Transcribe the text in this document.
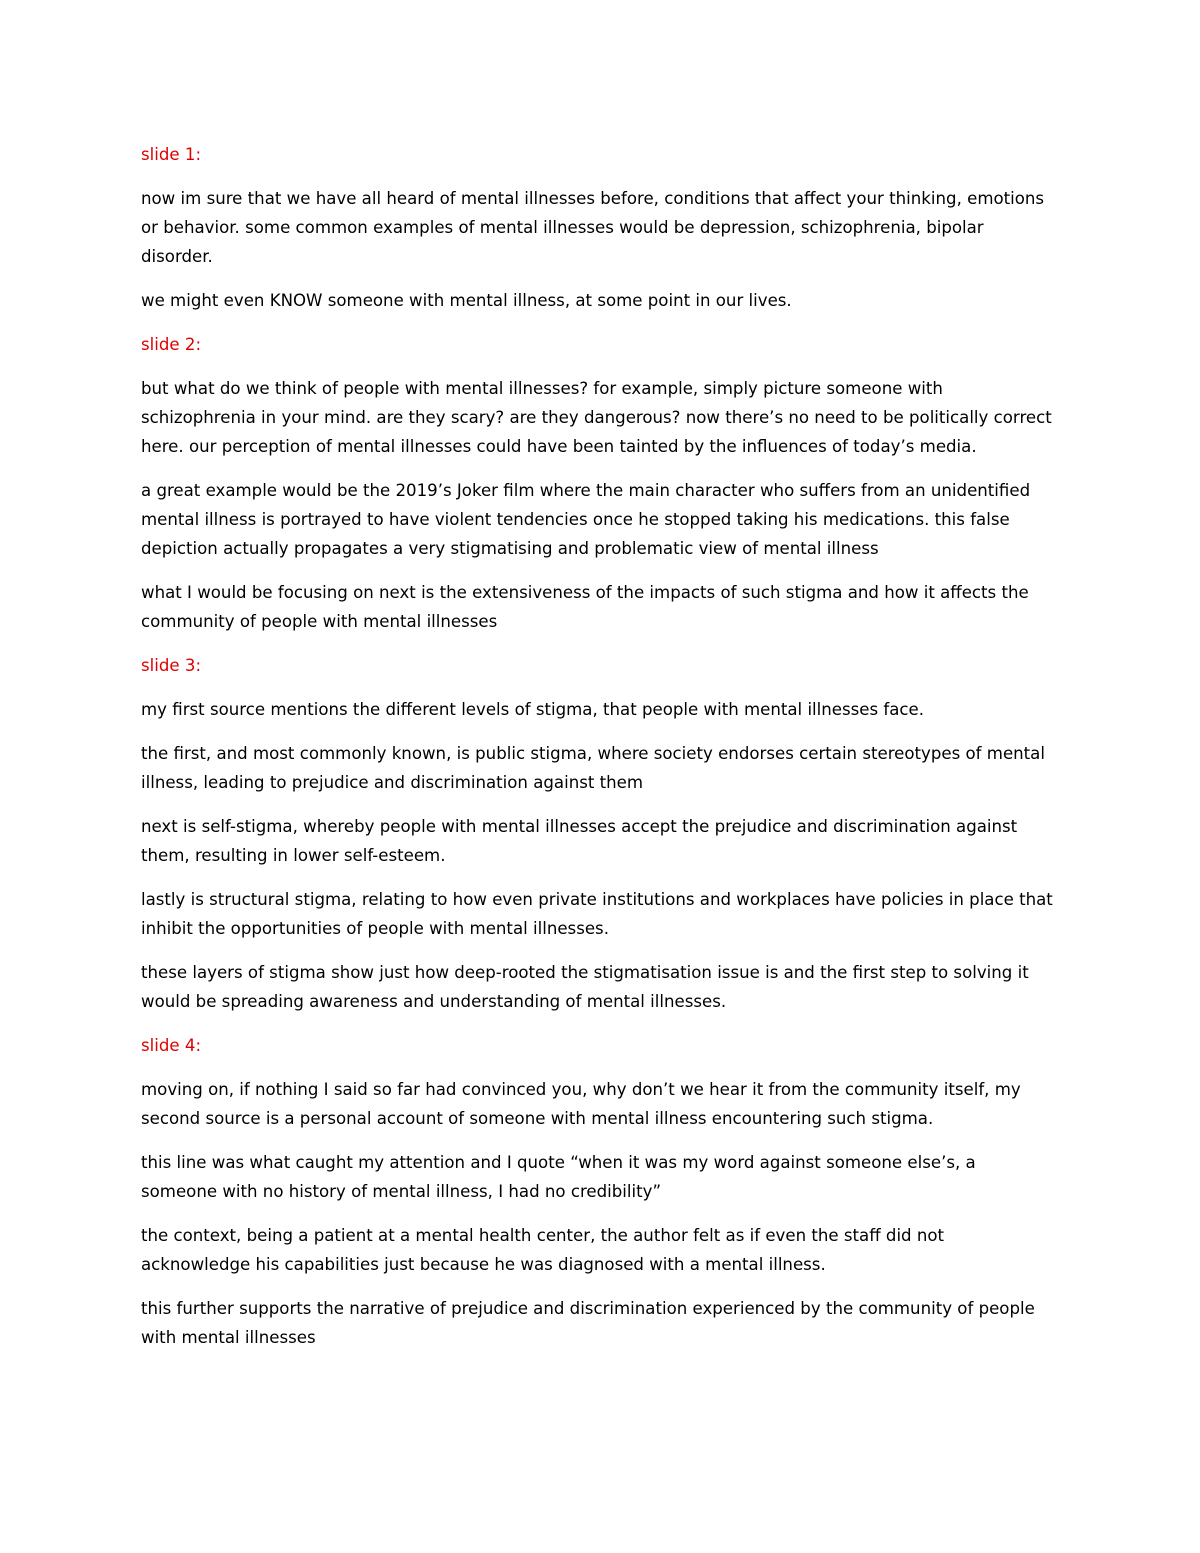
slide 1:

now im sure that we have all heard of mental illnesses before, conditions that affect your thinking, emotions or behavior. some common examples of mental illnesses would be depression, schizophrenia, bipolar disorder.

we might even KNOW someone with mental illness, at some point in our lives.

slide 2:

but what do we think of people with mental illnesses? for example, simply picture someone with schizophrenia in your mind. are they scary? are they dangerous? now there’s no need to be politically correct here. our perception of mental illnesses could have been tainted by the influences of today’s media.

a great example would be the 2019’s Joker film where the main character who suffers from an unidentified mental illness is portrayed to have violent tendencies once he stopped taking his medications. this false depiction actually propagates a very stigmatising and problematic view of mental illness

what I would be focusing on next is the extensiveness of the impacts of such stigma and how it affects the community of people with mental illnesses

slide 3:

my first source mentions the different levels of stigma, that people with mental illnesses face.

the first, and most commonly known, is public stigma, where society endorses certain stereotypes of mental illness, leading to prejudice and discrimination against them

next is self-stigma, whereby people with mental illnesses accept the prejudice and discrimination against them, resulting in lower self-esteem.

lastly is structural stigma, relating to how even private institutions and workplaces have policies in place that inhibit the opportunities of people with mental illnesses.

these layers of stigma show just how deep-rooted the stigmatisation issue is and the first step to solving it would be spreading awareness and understanding of mental illnesses.

slide 4:

moving on, if nothing I said so far had convinced you, why don’t we hear it from the community itself, my second source is a personal account of someone with mental illness encountering such stigma.

this line was what caught my attention and I quote “when it was my word against someone else’s, a someone with no history of mental illness, I had no credibility”

the context, being a patient at a mental health center, the author felt as if even the staff did not acknowledge his capabilities just because he was diagnosed with a mental illness.

this further supports the narrative of prejudice and discrimination experienced by the community of people with mental illnesses
